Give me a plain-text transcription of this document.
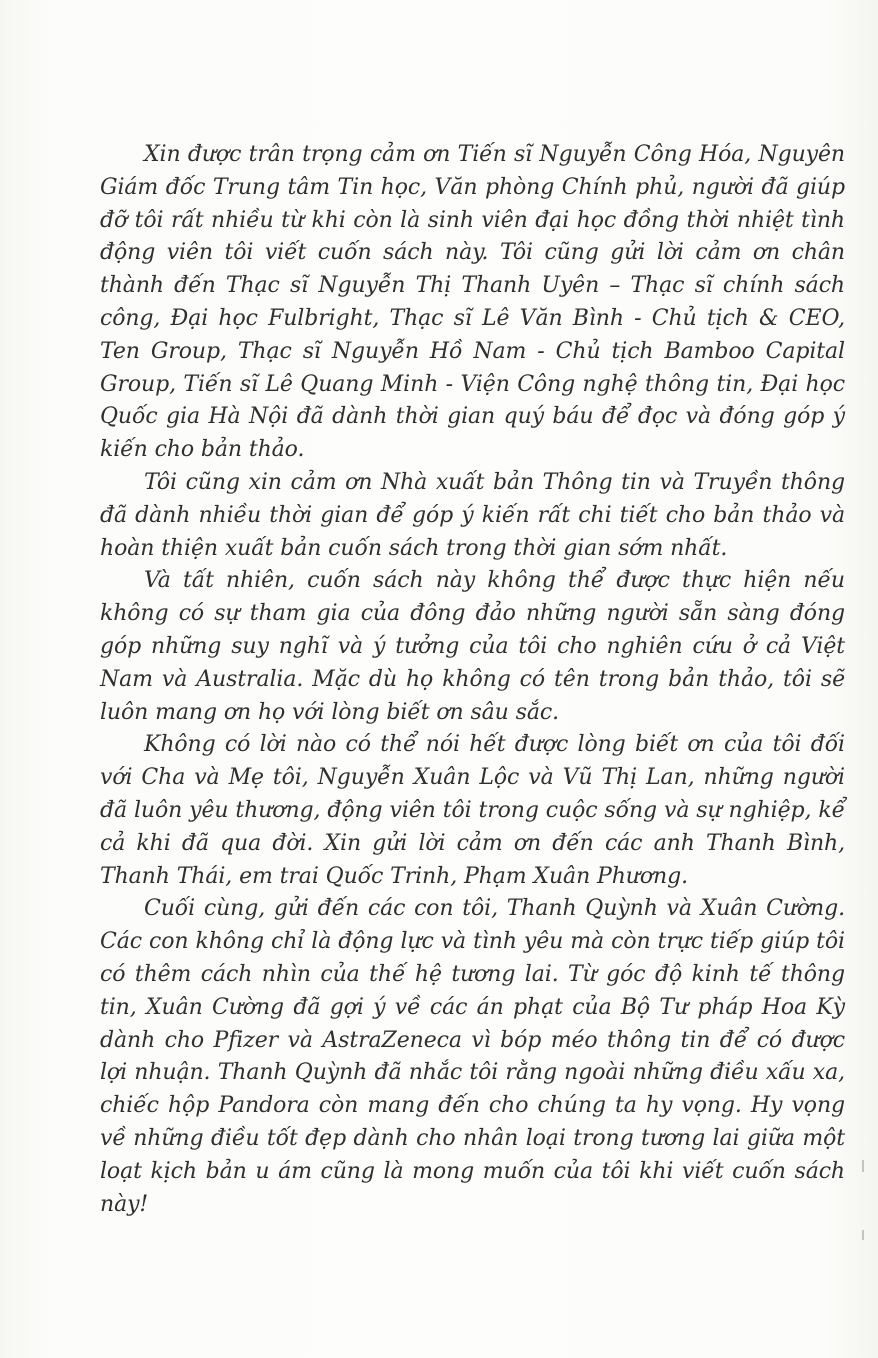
Xin được trân trọng cảm ơn Tiến sĩ Nguyễn Công Hóa, Nguyên Giám đốc Trung tâm Tin học, Văn phòng Chính phủ, người đã giúp đỡ tôi rất nhiều từ khi còn là sinh viên đại học đồng thời nhiệt tình động viên tôi viết cuốn sách này. Tôi cũng gửi lời cảm ơn chân thành đến Thạc sĩ Nguyễn Thị Thanh Uyên – Thạc sĩ chính sách công, Đại học Fulbright, Thạc sĩ Lê Văn Bình - Chủ tịch & CEO, Ten Group, Thạc sĩ Nguyễn Hồ Nam - Chủ tịch Bamboo Capital Group, Tiến sĩ Lê Quang Minh - Viện Công nghệ thông tin, Đại học Quốc gia Hà Nội đã dành thời gian quý báu để đọc và đóng góp ý kiến cho bản thảo.

Tôi cũng xin cảm ơn Nhà xuất bản Thông tin và Truyền thông đã dành nhiều thời gian để góp ý kiến rất chi tiết cho bản thảo và hoàn thiện xuất bản cuốn sách trong thời gian sớm nhất.

Và tất nhiên, cuốn sách này không thể được thực hiện nếu không có sự tham gia của đông đảo những người sẵn sàng đóng góp những suy nghĩ và ý tưởng của tôi cho nghiên cứu ở cả Việt Nam và Australia. Mặc dù họ không có tên trong bản thảo, tôi sẽ luôn mang ơn họ với lòng biết ơn sâu sắc.

Không có lời nào có thể nói hết được lòng biết ơn của tôi đối với Cha và Mẹ tôi, Nguyễn Xuân Lộc và Vũ Thị Lan, những người đã luôn yêu thương, động viên tôi trong cuộc sống và sự nghiệp, kể cả khi đã qua đời. Xin gửi lời cảm ơn đến các anh Thanh Bình, Thanh Thái, em trai Quốc Trinh, Phạm Xuân Phương.

Cuối cùng, gửi đến các con tôi, Thanh Quỳnh và Xuân Cường. Các con không chỉ là động lực và tình yêu mà còn trực tiếp giúp tôi có thêm cách nhìn của thế hệ tương lai. Từ góc độ kinh tế thông tin, Xuân Cường đã gợi ý về các án phạt của Bộ Tư pháp Hoa Kỳ dành cho Pfizer và AstraZeneca vì bóp méo thông tin để có được lợi nhuận. Thanh Quỳnh đã nhắc tôi rằng ngoài những điều xấu xa, chiếc hộp Pandora còn mang đến cho chúng ta hy vọng. Hy vọng về những điều tốt đẹp dành cho nhân loại trong tương lai giữa một loạt kịch bản u ám cũng là mong muốn của tôi khi viết cuốn sách này!
